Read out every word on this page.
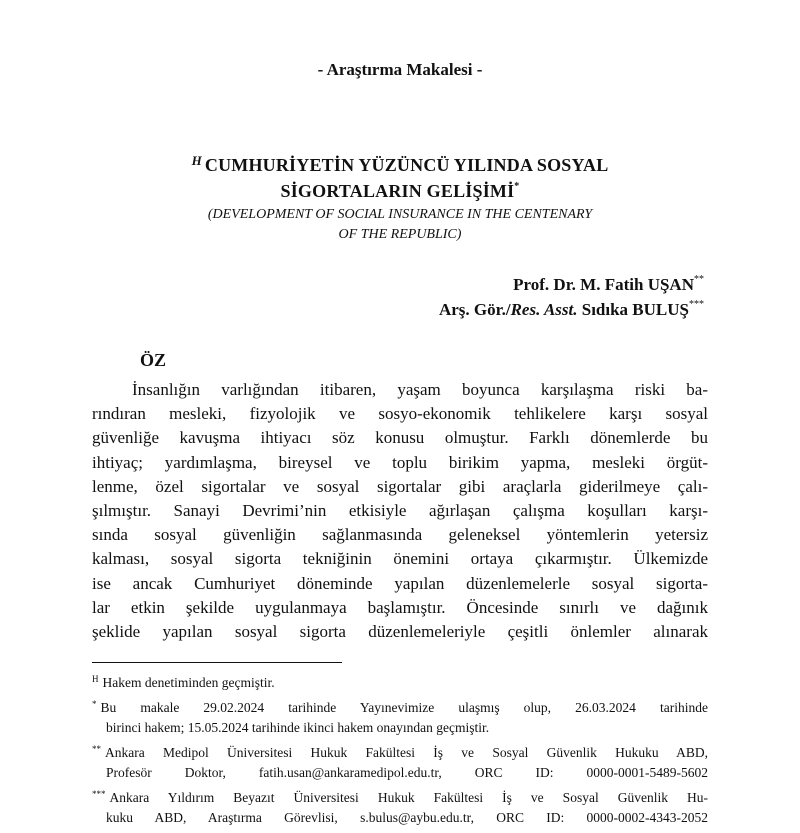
- Araştırma Makalesi -
$^H$ CUMHURİYETİN YÜZÜNCÜ YILINDA SOSYAL
SİGORTALARIN GELİŞİMİ*
(DEVELOPMENT OF SOCIAL INSURANCE IN THE CENTENARY
OF THE REPUBLIC)
Prof. Dr. M. Fatih UŞAN**
Arş. Gör./Res. Asst. Sıdıka BULUŞ***
ÖZ
İnsanlığın varlığından itibaren, yaşam boyunca karşılaşma riski ba-
rındıran mesleki, fizyolojik ve sosyo-ekonomik tehlikelere karşı sosyal
güvenliğe kavuşma ihtiyacı söz konusu olmuştur. Farklı dönemlerde bu
ihtiyaç; yardımlaşma, bireysel ve toplu birikim yapma, mesleki örgüt-
lenme, özel sigortalar ve sosyal sigortalar gibi araçlarla giderilmeye çalı-
şılmıştır. Sanayi Devrimi’nin etkisiyle ağırlaşan çalışma koşulları karşı-
sında sosyal güvenliğin sağlanmasında geleneksel yöntemlerin yetersiz
kalması, sosyal sigorta tekniğinin önemini ortaya çıkarmıştır. Ülkemizde
ise ancak Cumhuriyet döneminde yapılan düzenlemelerle sosyal sigorta-
lar etkin şekilde uygulanmaya başlamıştır. Öncesinde sınırlı ve dağınık
şeklide yapılan sosyal sigorta düzenlemeleriyle çeşitli önlemler alınarak
$^H$ Hakem denetiminden geçmiştir.
* Bu makale 29.02.2024 tarihinde Yayınevimize ulaşmış olup, 26.03.2024 tarihinde
birinci hakem; 15.05.2024 tarihinde ikinci hakem onayından geçmiştir.
** Ankara Medipol Üniversitesi Hukuk Fakültesi İş ve Sosyal Güvenlik Hukuku ABD,
Profesör Doktor, fatih.usan@ankaramedipol.edu.tr, ORC ID: 0000-0001-5489-5602
*** Ankara Yıldırım Beyazıt Üniversitesi Hukuk Fakültesi İş ve Sosyal Güvenlik Hu-
kuku ABD, Araştırma Görevlisi, s.bulus@aybu.edu.tr, ORC ID: 0000-0002-4343-2052
